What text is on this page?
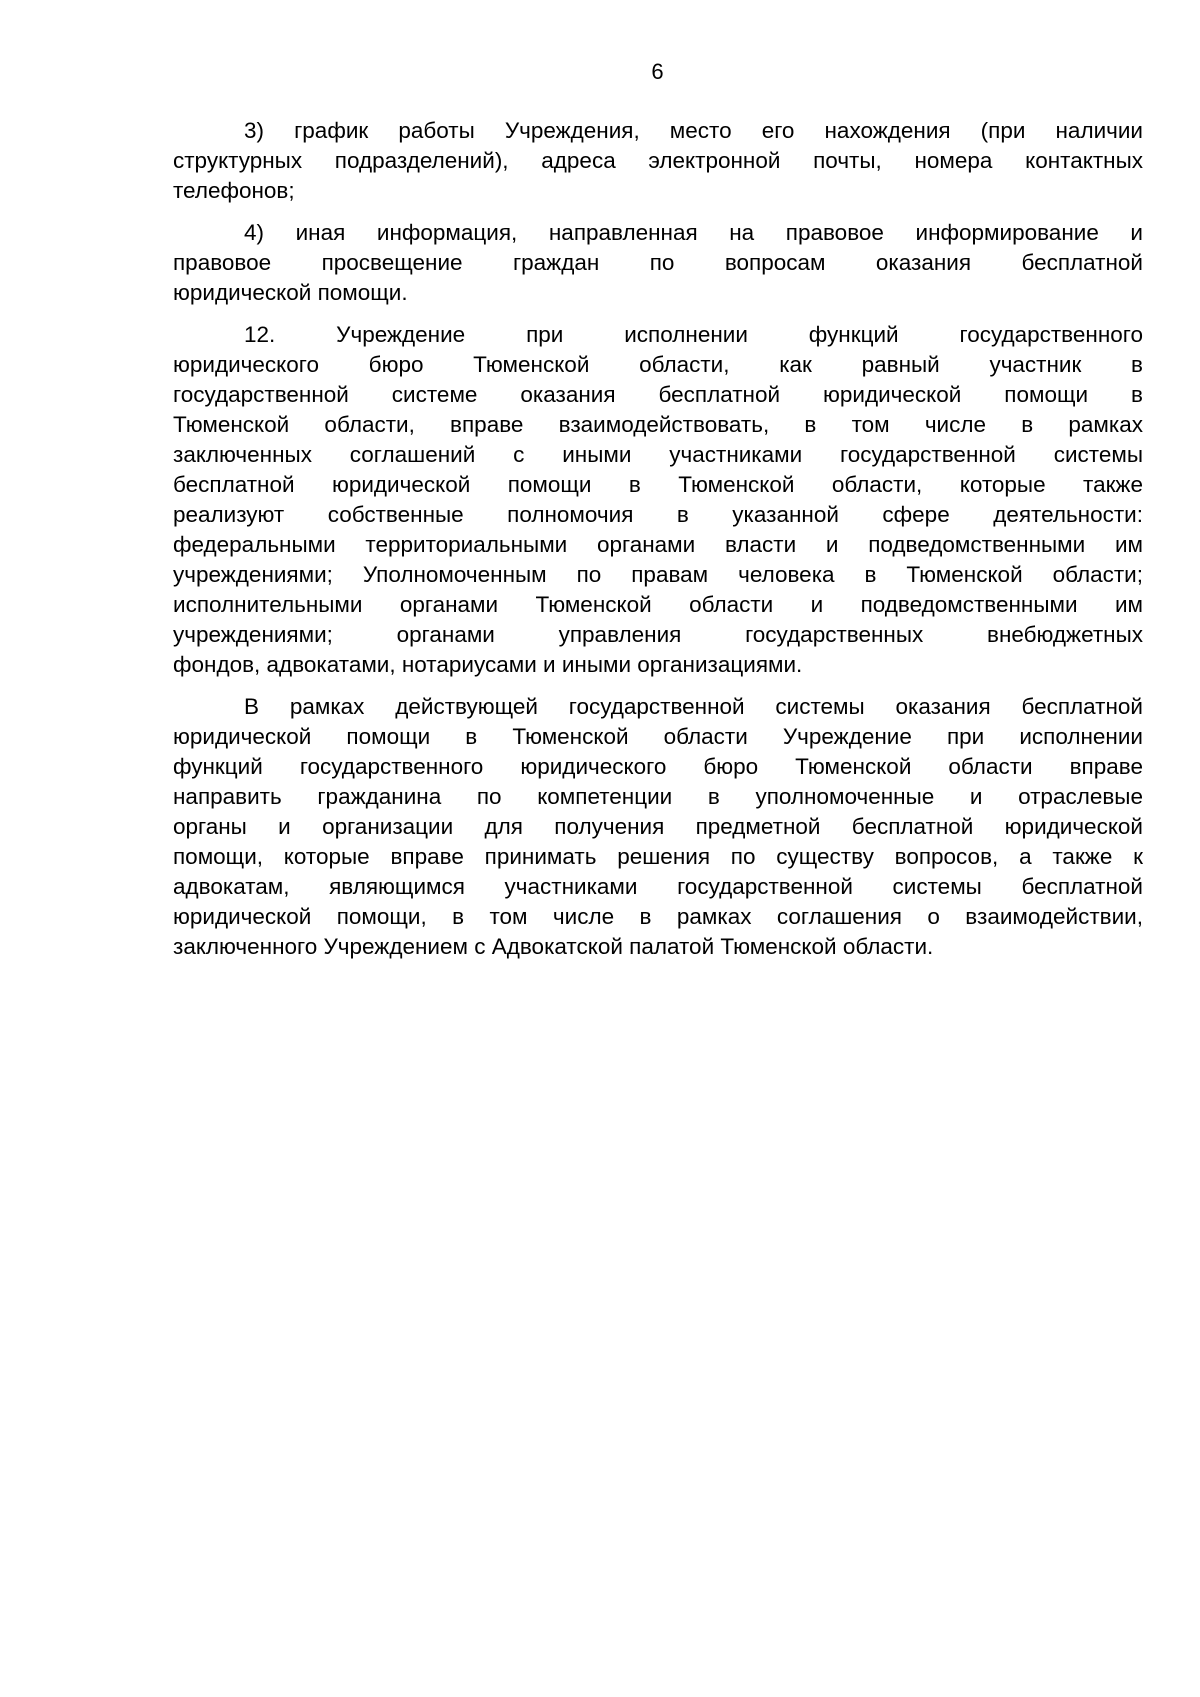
6
3) график работы Учреждения, место его нахождения (при наличии
структурных подразделений), адреса электронной почты, номера контактных
телефонов;
4) иная информация, направленная на правовое информирование и
правовое просвещение граждан по вопросам оказания бесплатной
юридической помощи.
12. Учреждение при исполнении функций государственного
юридического бюро Тюменской области, как равный участник в
государственной системе оказания бесплатной юридической помощи в
Тюменской области, вправе взаимодействовать, в том числе в рамках
заключенных соглашений с иными участниками государственной системы
бесплатной юридической помощи в Тюменской области, которые также
реализуют собственные полномочия в указанной сфере деятельности:
федеральными территориальными органами власти и подведомственными им
учреждениями; Уполномоченным по правам человека в Тюменской области;
исполнительными органами Тюменской области и подведомственными им
учреждениями; органами управления государственных внебюджетных
фондов, адвокатами, нотариусами и иными организациями.
В рамках действующей государственной системы оказания бесплатной
юридической помощи в Тюменской области Учреждение при исполнении
функций государственного юридического бюро Тюменской области вправе
направить гражданина по компетенции в уполномоченные и отраслевые
органы и организации для получения предметной бесплатной юридической
помощи, которые вправе принимать решения по существу вопросов, а также к
адвокатам, являющимся участниками государственной системы бесплатной
юридической помощи, в том числе в рамках соглашения о взаимодействии,
заключенного Учреждением с Адвокатской палатой Тюменской области.
